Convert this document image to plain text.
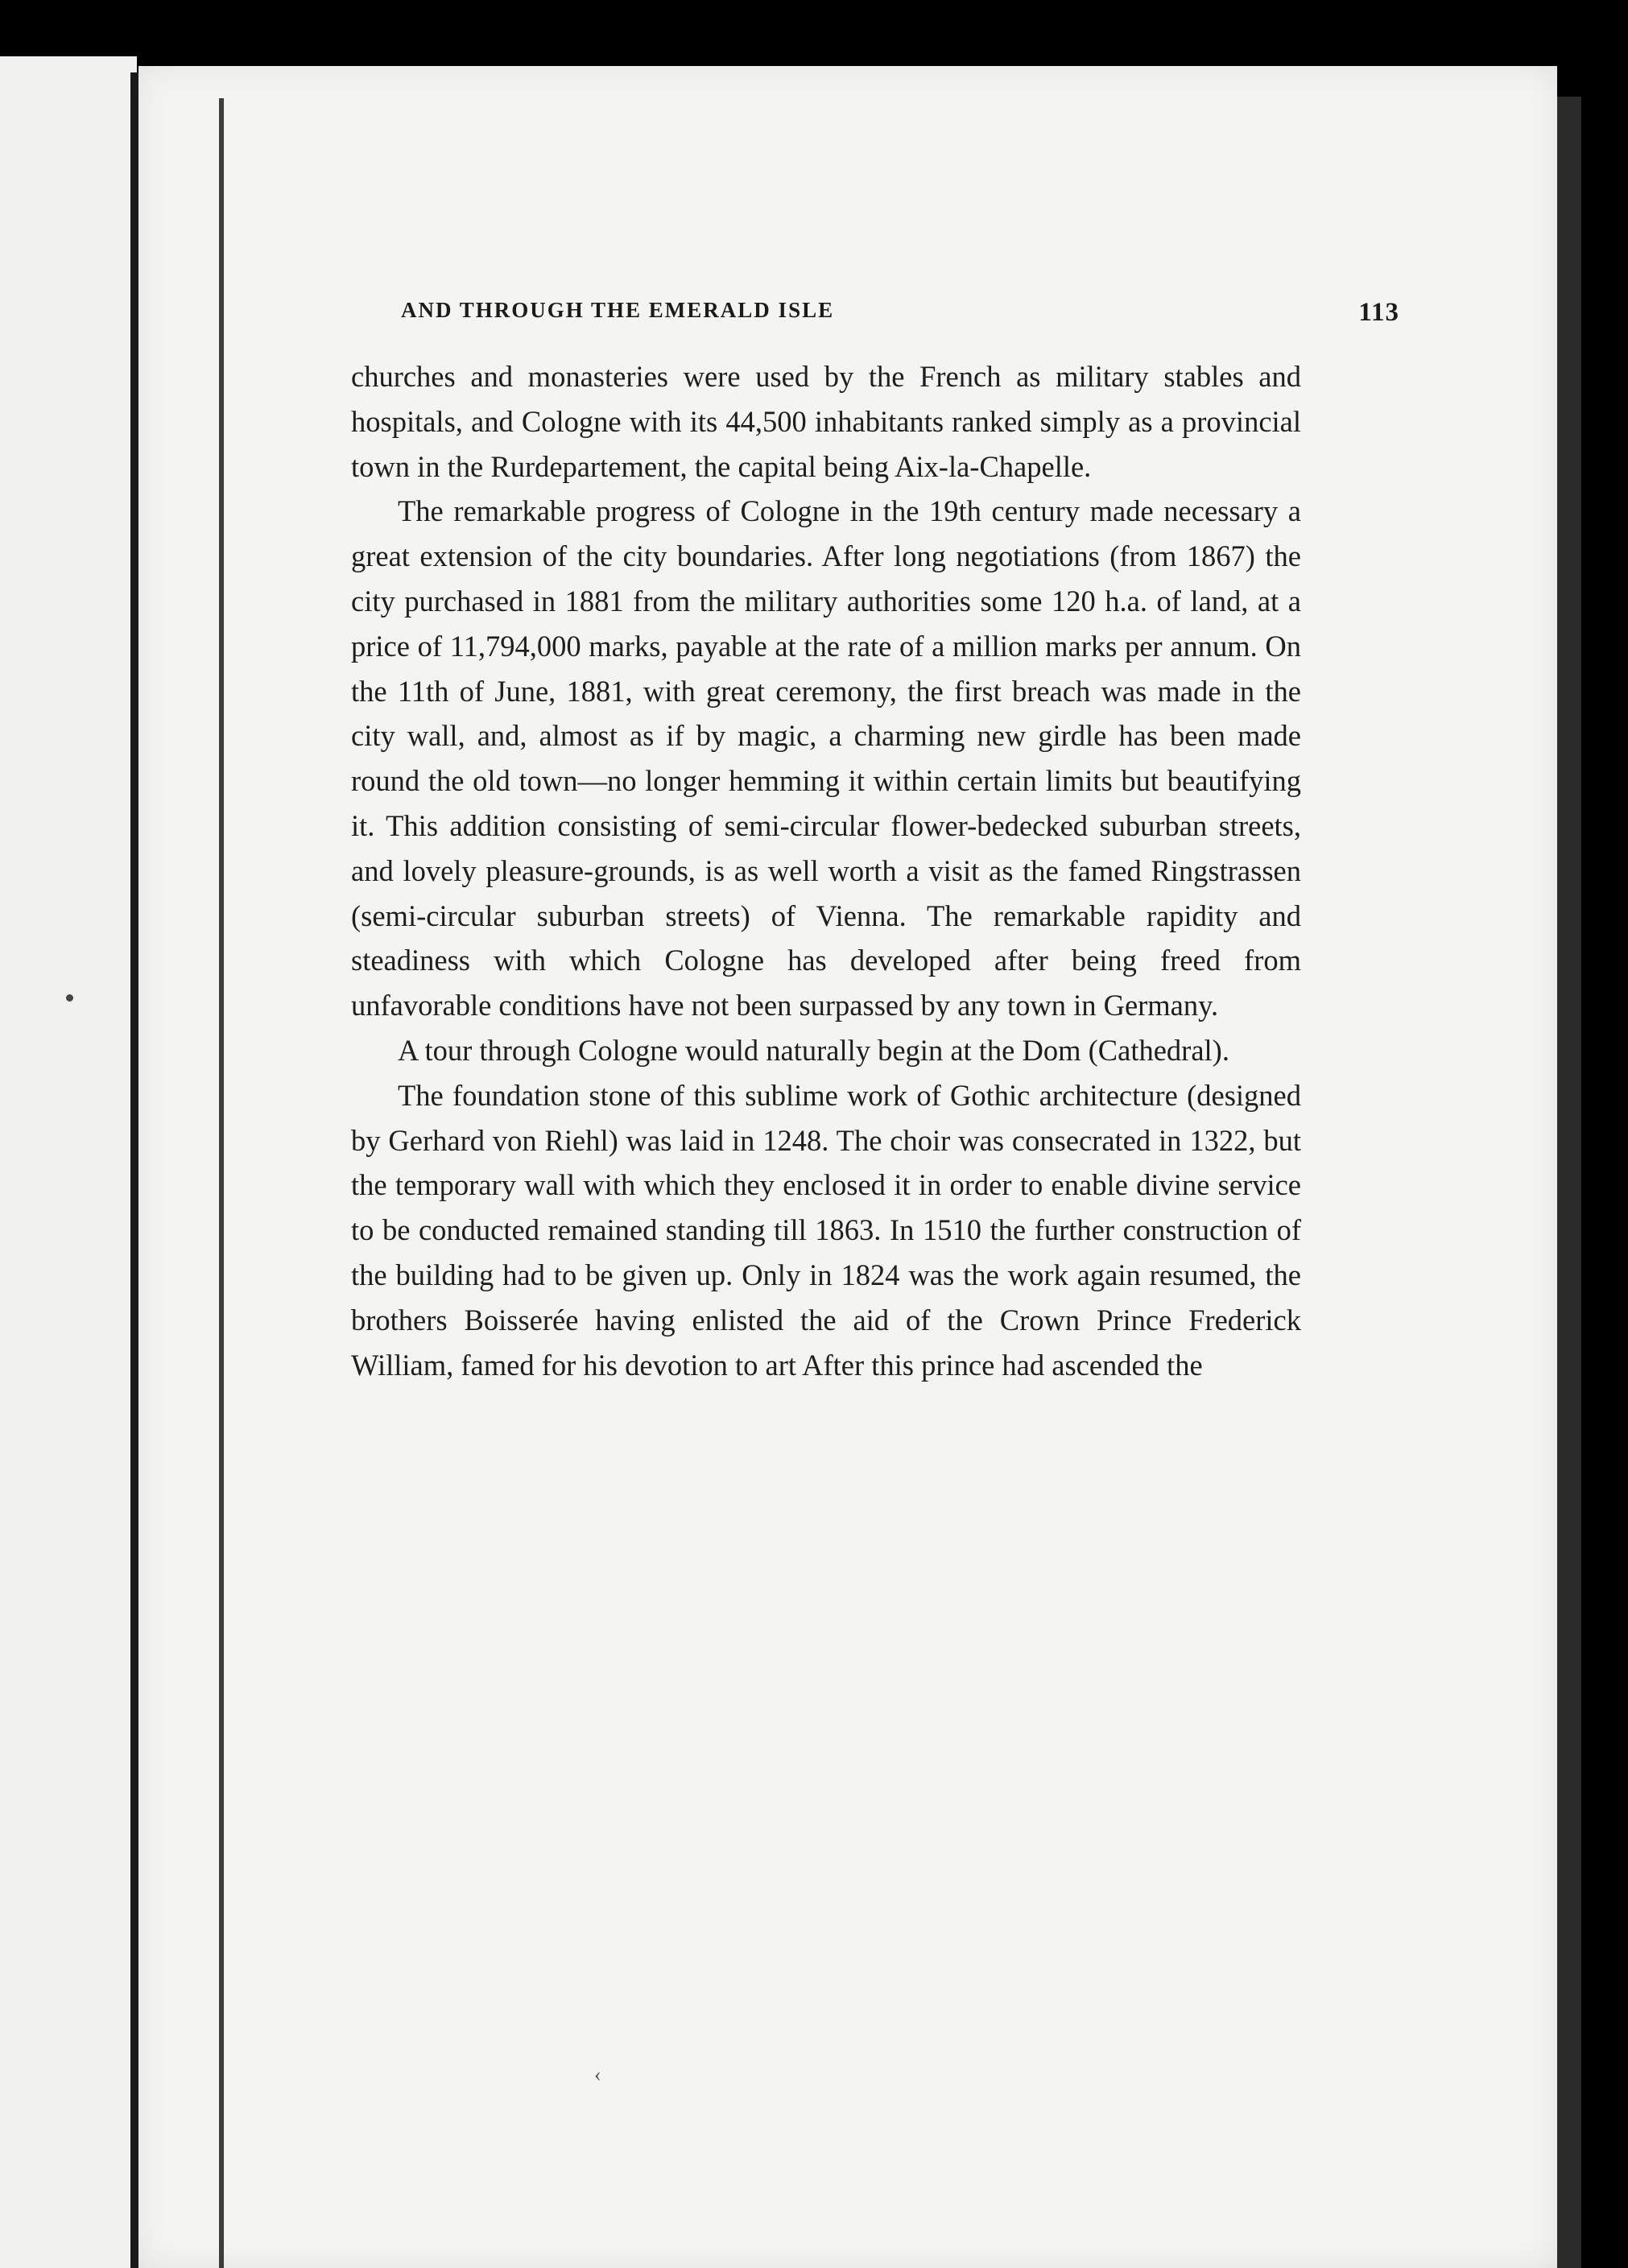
AND THROUGH THE EMERALD ISLE	113

churches and monasteries were used by the French as military stables and hospitals, and Cologne with its 44,500 inhabitants ranked simply as a provincial town in the Rurdepartement, the capital being Aix-la-Chapelle.

The remarkable progress of Cologne in the 19th century made necessary a great extension of the city boundaries. After long negotiations (from 1867) the city purchased in 1881 from the military authorities some 120 h.a. of land, at a price of 11,794,000 marks, payable at the rate of a million marks per annum. On the 11th of June, 1881, with great ceremony, the first breach was made in the city wall, and, almost as if by magic, a charming new girdle has been made round the old town—no longer hemming it within certain limits but beautifying it. This addition consisting of semi-circular flower-bedecked suburban streets, and lovely pleasure-grounds, is as well worth a visit as the famed Ringstrassen (semi-circular suburban streets) of Vienna. The remarkable rapidity and steadiness with which Cologne has developed after being freed from unfavorable conditions have not been surpassed by any town in Germany.

A tour through Cologne would naturally begin at the Dom (Cathedral).

The foundation stone of this sublime work of Gothic architecture (designed by Gerhard von Riehl) was laid in 1248. The choir was consecrated in 1322, but the temporary wall with which they enclosed it in order to enable divine service to be conducted remained standing till 1863. In 1510 the further construction of the building had to be given up. Only in 1824 was the work again resumed, the brothers Boisserée having enlisted the aid of the Crown Prince Frederick William, famed for his devotion to art After this prince had ascended the

‹
